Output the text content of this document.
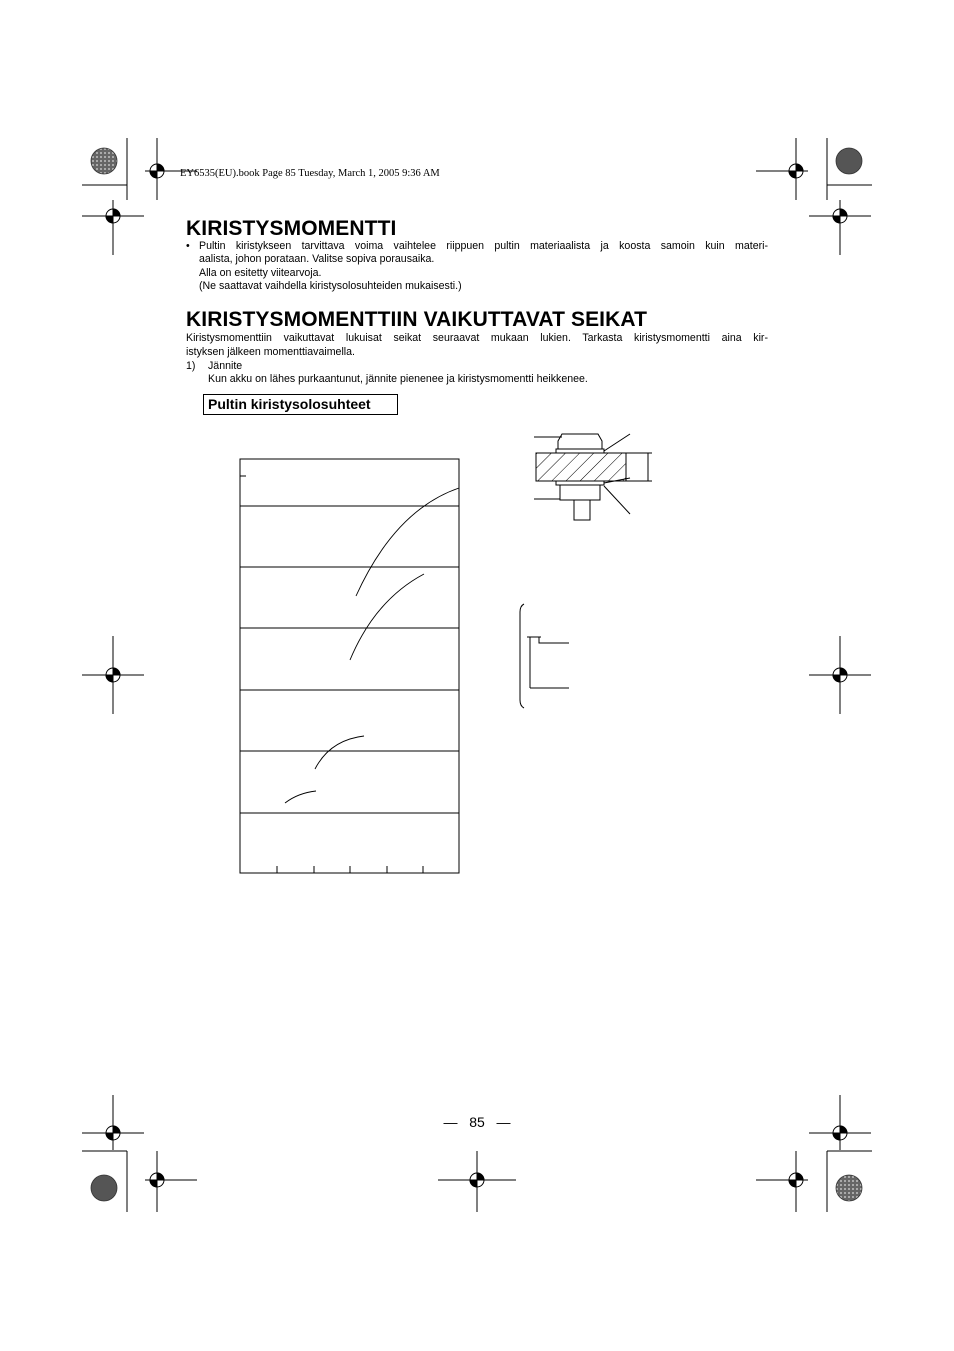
EY6535(EU).book Page 85 Tuesday, March 1, 2005 9:36 AM
KIRISTYSMOMENTTI
• Pultin kiristykseen tarvittava voima vaihtelee riippuen pultin materiaalista ja koosta samoin kuin materi-
aalista, johon porataan. Valitse sopiva porausaika.
Alla on esitetty viitearvoja.
(Ne saattavat vaihdella kiristysolosuhteiden mukaisesti.)
KIRISTYSMOMENTTIIN VAIKUTTAVAT SEIKAT
Kiristysmomenttiin vaikuttavat lukuisat seikat seuraavat mukaan lukien. Tarkasta kiristysmomentti aina kir-
istyksen jälkeen momenttiavaimella.
1) Jännite
Kun akku on lähes purkaantunut, jännite pienenee ja kiristysmomentti heikkenee.
Pultin kiristysolosuhteet
— 85 —
